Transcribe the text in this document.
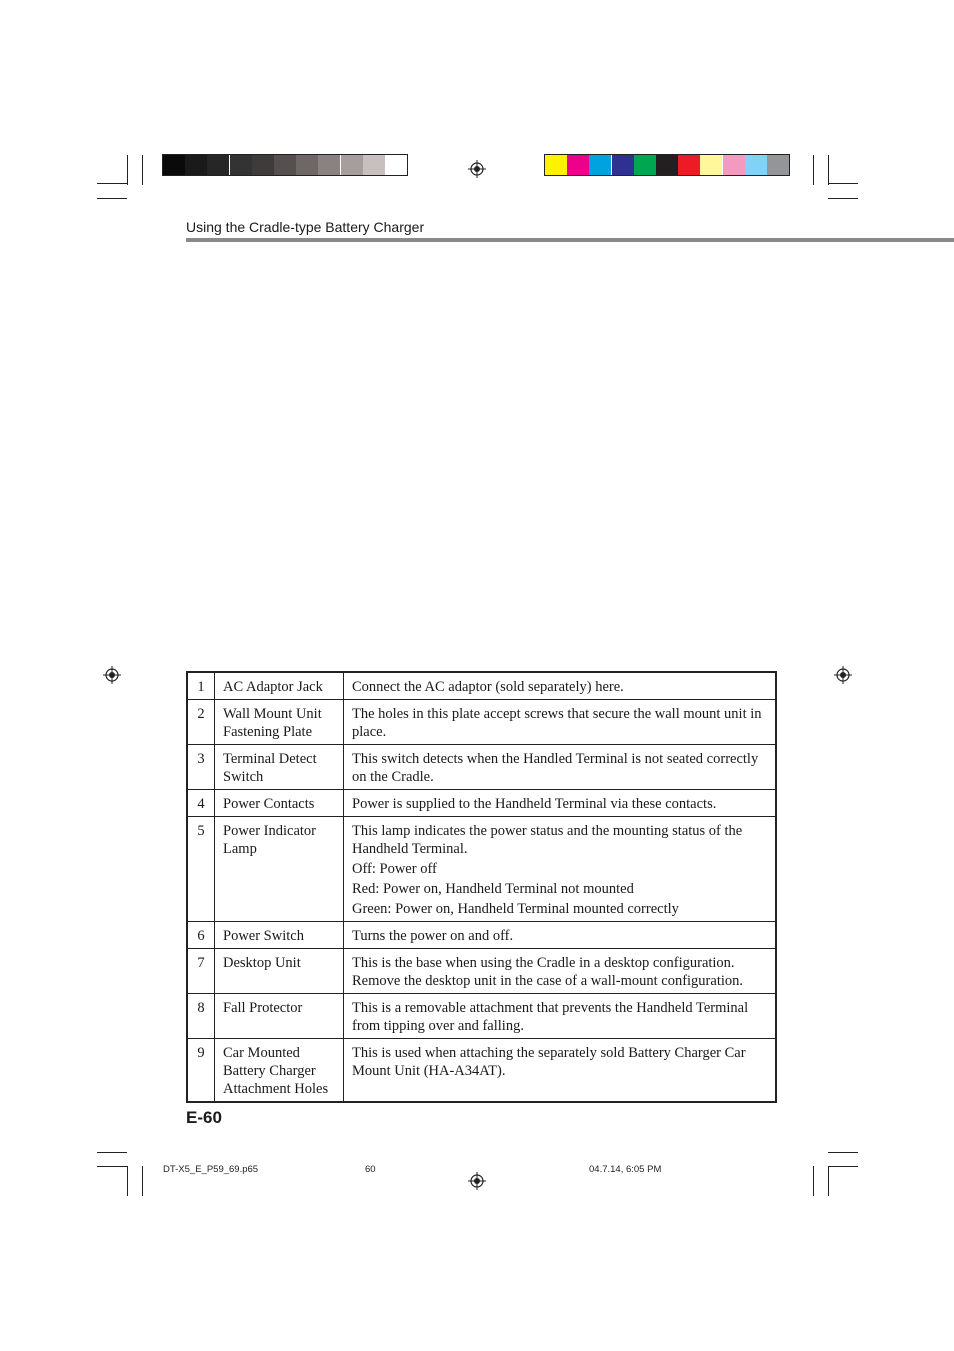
Using the Cradle-type Battery Charger
1	AC Adaptor Jack	Connect the AC adaptor (sold separately) here.

2	Wall Mount Unit Fastening Plate	The holes in this plate accept screws that secure the wall mount unit in place.

3	Terminal Detect Switch	This switch detects when the Handled Terminal is not seated correctly on the Cradle.

4	Power Contacts	Power is supplied to the Handheld Terminal via these contacts.

5	Power Indicator Lamp	This lamp indicates the power status and the mounting status of the Handheld Terminal.
Off: Power off
Red: Power on, Handheld Terminal not mounted
Green: Power on, Handheld Terminal mounted correctly

6	Power Switch	Turns the power on and off.

7	Desktop Unit	This is the base when using the Cradle in a desktop configuration. Remove the desktop unit in the case of a wall-mount configuration.

8	Fall Protector	This is a removable attachment that prevents the Handheld Terminal from tipping over and falling.

9	Car Mounted Battery Charger Attachment Holes	This is used when attaching the separately sold Battery Charger Car Mount Unit (HA-A34AT).
E-60
DT-X5_E_P59_69.p65	60	04.7.14, 6:05 PM
